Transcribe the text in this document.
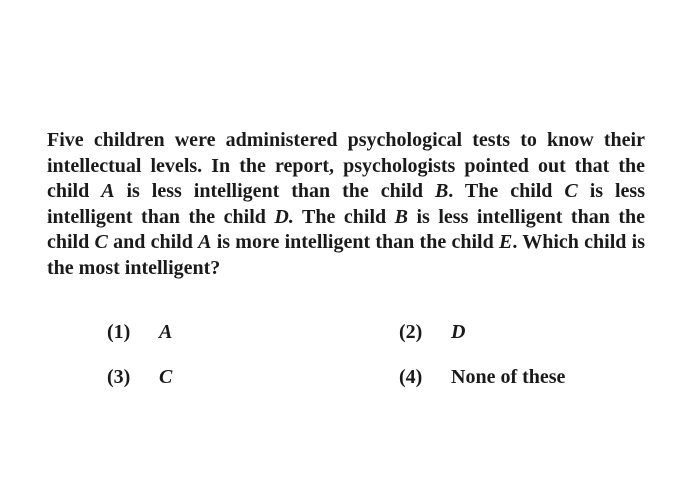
Five children were administered psychological tests to know their intellectual levels. In the report, psychologists pointed out that the child A is less intelligent than the child B. The child C is less intelligent than the child D. The child B is less intelligent than the child C and child A is more intelligent than the child E. Which child is the most intelligent?
(1) A	(2) D
(3) C	(4) None of these
